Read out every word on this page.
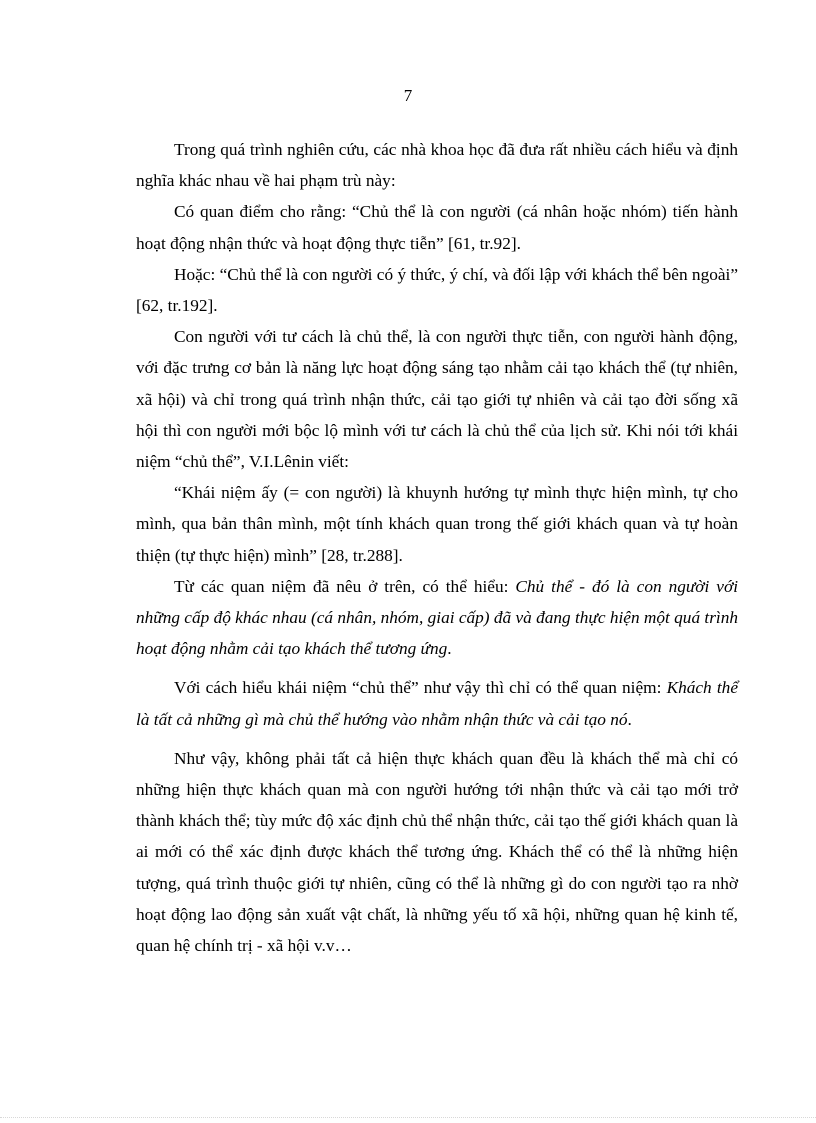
7

Trong quá trình nghiên cứu, các nhà khoa học đã đưa rất nhiều cách hiểu và định nghĩa khác nhau về hai phạm trù này:

Có quan điểm cho rằng: “Chủ thể là con người (cá nhân hoặc nhóm) tiến hành hoạt động nhận thức và hoạt động thực tiễn” [61, tr.92].

Hoặc: “Chủ thể là con người có ý thức, ý chí, và đối lập với khách thể bên ngoài” [62, tr.192].

Con người với tư cách là chủ thể, là con người thực tiễn, con người hành động, với đặc trưng cơ bản là năng lực hoạt động sáng tạo nhằm cải tạo khách thể (tự nhiên, xã hội) và chỉ trong quá trình nhận thức, cải tạo giới tự nhiên và cải tạo đời sống xã hội thì con người mới bộc lộ mình với tư cách là chủ thể của lịch sử. Khi nói tới khái niệm “chủ thể”, V.I.Lênin viết:

“Khái niệm ấy (= con người) là khuynh hướng tự mình thực hiện mình, tự cho mình, qua bản thân mình, một tính khách quan trong thế giới khách quan và tự hoàn thiện (tự thực hiện) mình” [28, tr.288].

Từ các quan niệm đã nêu ở trên, có thể hiểu: Chủ thể - đó là con người với những cấp độ khác nhau (cá nhân, nhóm, giai cấp) đã và đang thực hiện một quá trình hoạt động nhằm cải tạo khách thể tương ứng.

Với cách hiểu khái niệm “chủ thể” như vậy thì chỉ có thể quan niệm: Khách thể là tất cả những gì mà chủ thể hướng vào nhằm nhận thức và cải tạo nó.

Như vậy, không phải tất cả hiện thực khách quan đều là khách thể mà chỉ có những hiện thực khách quan mà con người hướng tới nhận thức và cải tạo mới trở thành khách thể; tùy mức độ xác định chủ thể nhận thức, cải tạo thế giới khách quan là ai mới có thể xác định được khách thể tương ứng. Khách thể có thể là những hiện tượng, quá trình thuộc giới tự nhiên, cũng có thể là những gì do con người tạo ra nhờ hoạt động lao động sản xuất vật chất, là những yếu tố xã hội, những quan hệ kinh tế, quan hệ chính trị - xã hội v.v…
